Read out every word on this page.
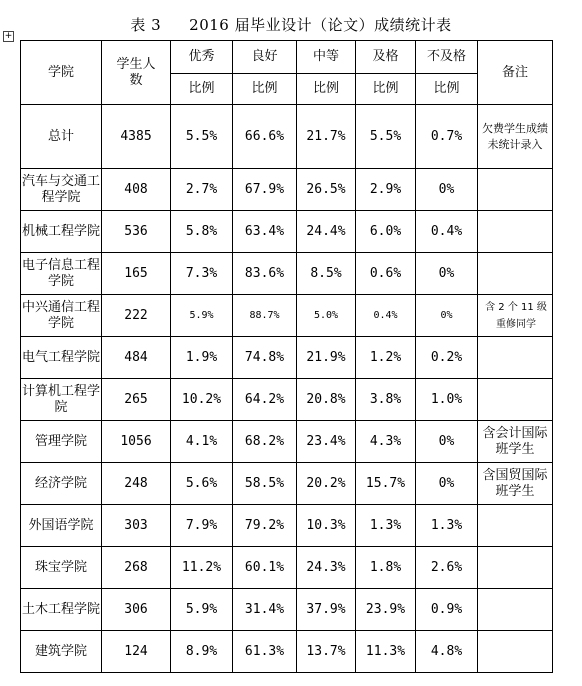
表 3 2016 届毕业设计（论文）成绩统计表
+
学院	学生人数	优秀	良好	中等	及格	不及格	备注
		比例	比例	比例	比例	比例	
总计	4385	5.5%	66.6%	21.7%	5.5%	0.7%	欠费学生成绩未统计录入
汽车与交通工程学院	408	2.7%	67.9%	26.5%	2.9%	0%	
机械工程学院	536	5.8%	63.4%	24.4%	6.0%	0.4%	
电子信息工程学院	165	7.3%	83.6%	8.5%	0.6%	0%	
中兴通信工程学院	222	5.9%	88.7%	5.0%	0.4%	0%	含 2 个 11 级重修同学
电气工程学院	484	1.9%	74.8%	21.9%	1.2%	0.2%	
计算机工程学院	265	10.2%	64.2%	20.8%	3.8%	1.0%	
管理学院	1056	4.1%	68.2%	23.4%	4.3%	0%	含会计国际班学生
经济学院	248	5.6%	58.5%	20.2%	15.7%	0%	含国贸国际班学生
外国语学院	303	7.9%	79.2%	10.3%	1.3%	1.3%	
珠宝学院	268	11.2%	60.1%	24.3%	1.8%	2.6%	
土木工程学院	306	5.9%	31.4%	37.9%	23.9%	0.9%	
建筑学院	124	8.9%	61.3%	13.7%	11.3%	4.8%	
